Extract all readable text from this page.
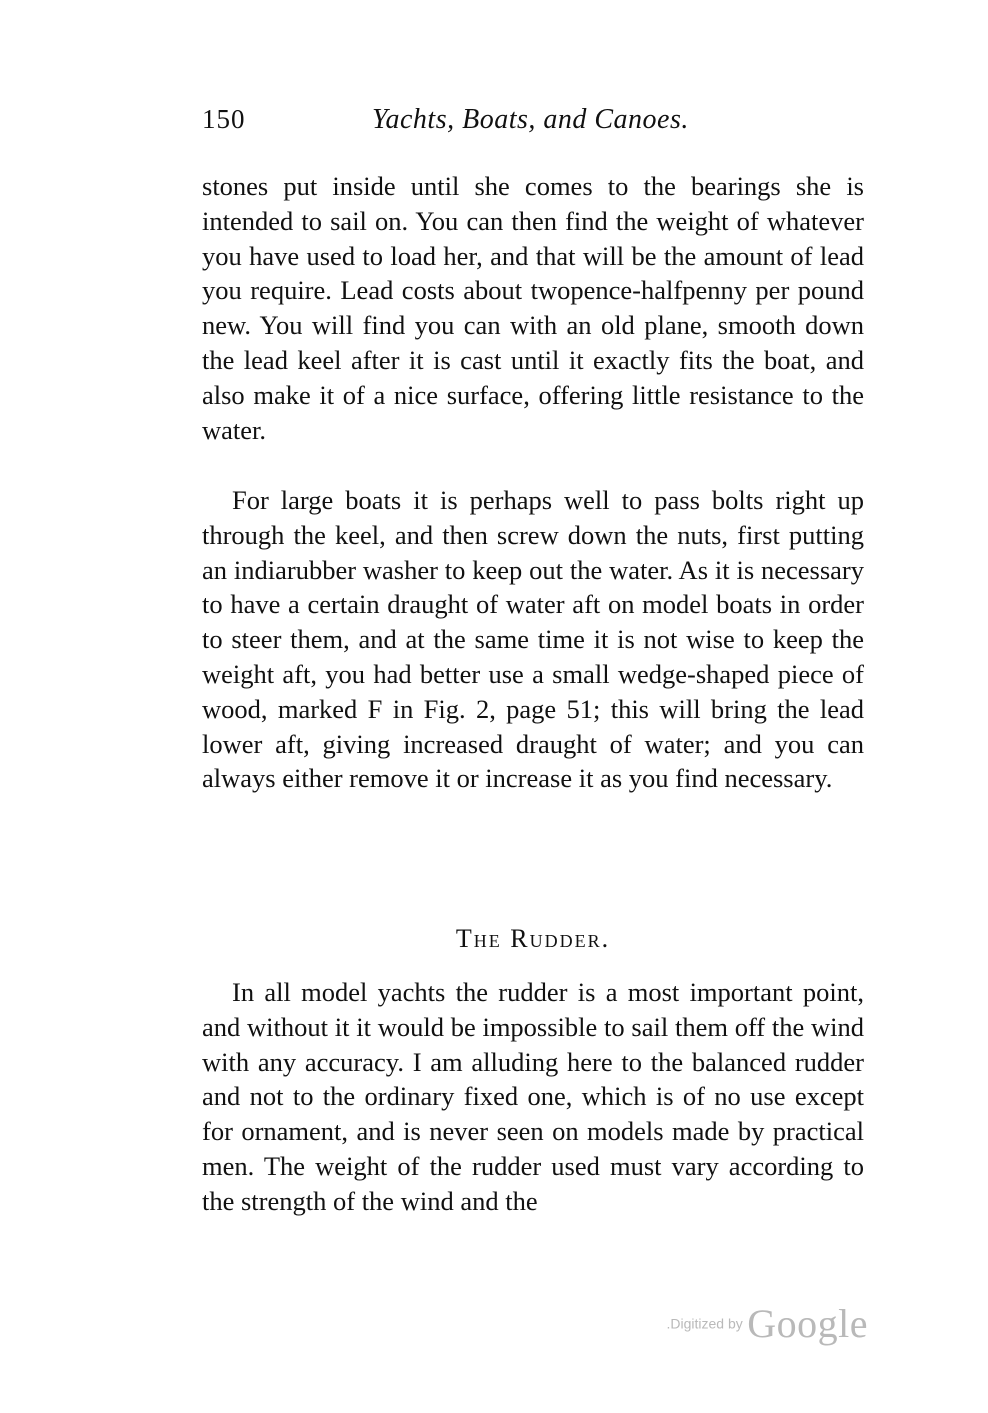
150	Yachts, Boats, and Canoes.

stones put inside until she comes to the bearings she is intended to sail on. You can then find the weight of whatever you have used to load her, and that will be the amount of lead you require. Lead costs about twopence-halfpenny per pound new. You will find you can with an old plane, smooth down the lead keel after it is cast until it exactly fits the boat, and also make it of a nice surface, offering little resistance to the water.

For large boats it is perhaps well to pass bolts right up through the keel, and then screw down the nuts, first putting an indiarubber washer to keep out the water. As it is necessary to have a certain draught of water aft on model boats in order to steer them, and at the same time it is not wise to keep the weight aft, you had better use a small wedge-shaped piece of wood, marked F in Fig. 2, page 51; this will bring the lead lower aft, giving increased draught of water; and you can always either remove it or increase it as you find necessary.

The Rudder.

In all model yachts the rudder is a most important point, and without it it would be impossible to sail them off the wind with any accuracy. I am alluding here to the balanced rudder and not to the ordinary fixed one, which is of no use except for ornament, and is never seen on models made by practical men. The weight of the rudder used must vary according to the strength of the wind and the

.Digitized by Google
